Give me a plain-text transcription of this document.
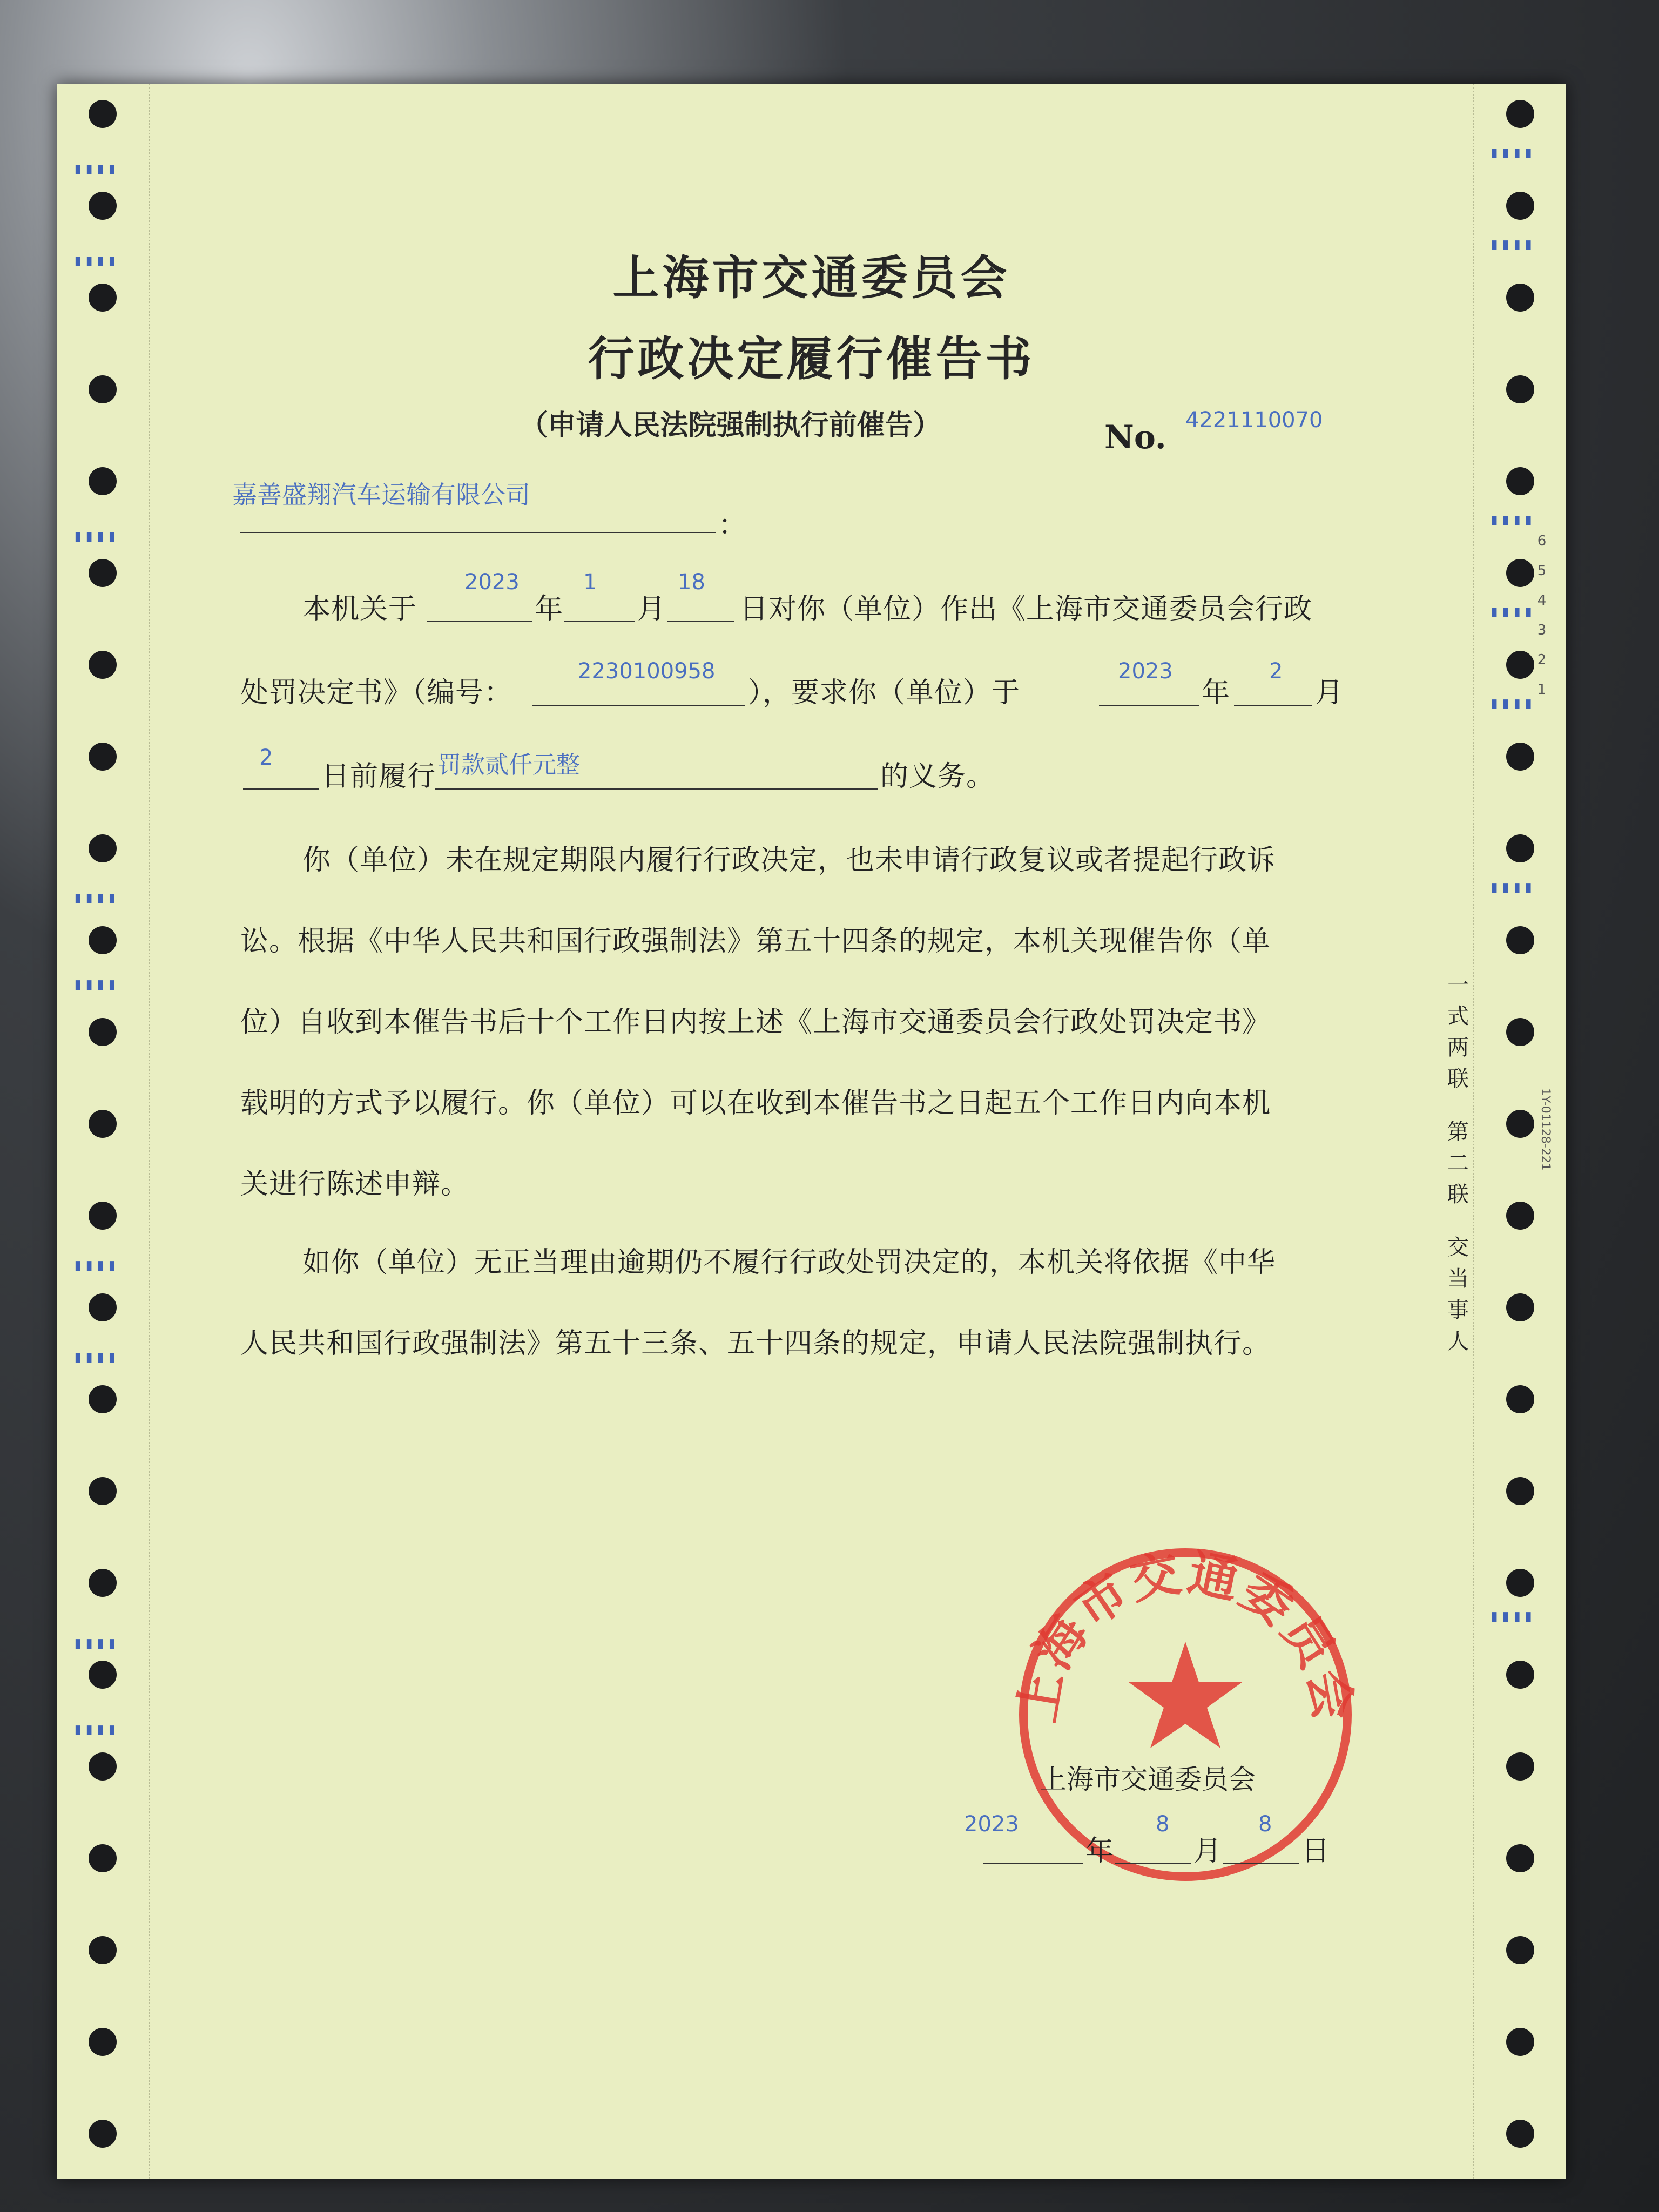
▮▮▮▮
▮▮▮▮
▮▮▮▮
▮▮▮▮
▮▮▮▮
▮▮▮▮
▮▮▮▮
▮▮▮▮
▮▮▮▮
▮▮▮▮
▮▮▮▮
▮▮▮▮
▮▮▮▮
▮▮▮▮
▮▮▮▮
▮▮▮▮
6
5
4
3
2
1
1Y-01128-221
一式两联
第二联
交当事人
上海市交通委员会
行政决定履行催告书
（申请人民法院强制执行前催告）	No. 4221110070
嘉善盛翔汽车运输有限公司
：
本机关于
2023
年
1
月
18
日对你（单位）作出《上海市交通委员会行政
处罚决定书》（编号：
2230100958
），要求你（单位）于
2023
年
2
月
2
日前履行 罚款贰仟元整	的义务。
你（单位）未在规定期限内履行行政决定，也未申请行政复议或者提起行政诉
讼。根据《中华人民共和国行政强制法》第五十四条的规定，本机关现催告你（单
位）自收到本催告书后十个工作日内按上述《上海市交通委员会行政处罚决定书》
载明的方式予以履行。你（单位）可以在收到本催告书之日起五个工作日内向本机
关进行陈述申辩。
如你（单位）无正当理由逾期仍不履行行政处罚决定的，本机关将依据《中华
人民共和国行政强制法》第五十三条、五十四条的规定，申请人民法院强制执行。
上海市交通委员会
上海市交通委员会
2023
年
8
月
8
日
